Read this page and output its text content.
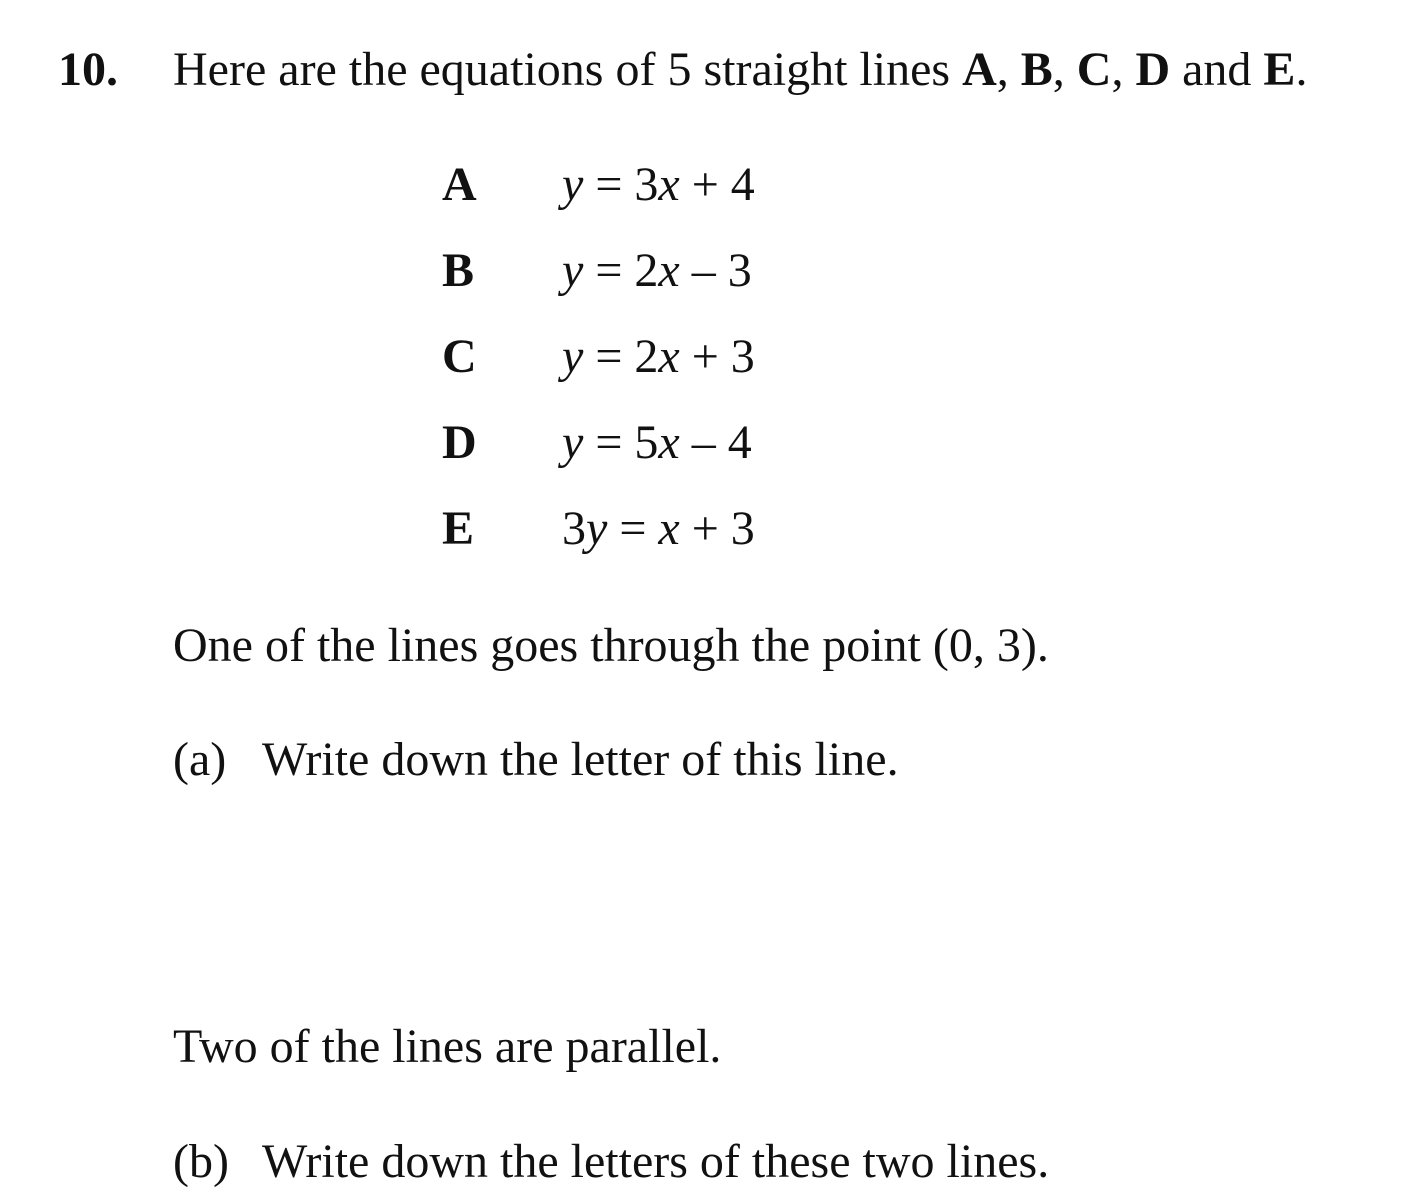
10. Here are the equations of 5 straight lines A, B, C, D and E.
A y = 3x + 4
B y = 2x – 3
C y = 2x + 3
D y = 5x – 4
E 3y = x + 3
One of the lines goes through the point (0, 3).
(a) Write down the letter of this line.
Two of the lines are parallel.
(b) Write down the letters of these two lines.
